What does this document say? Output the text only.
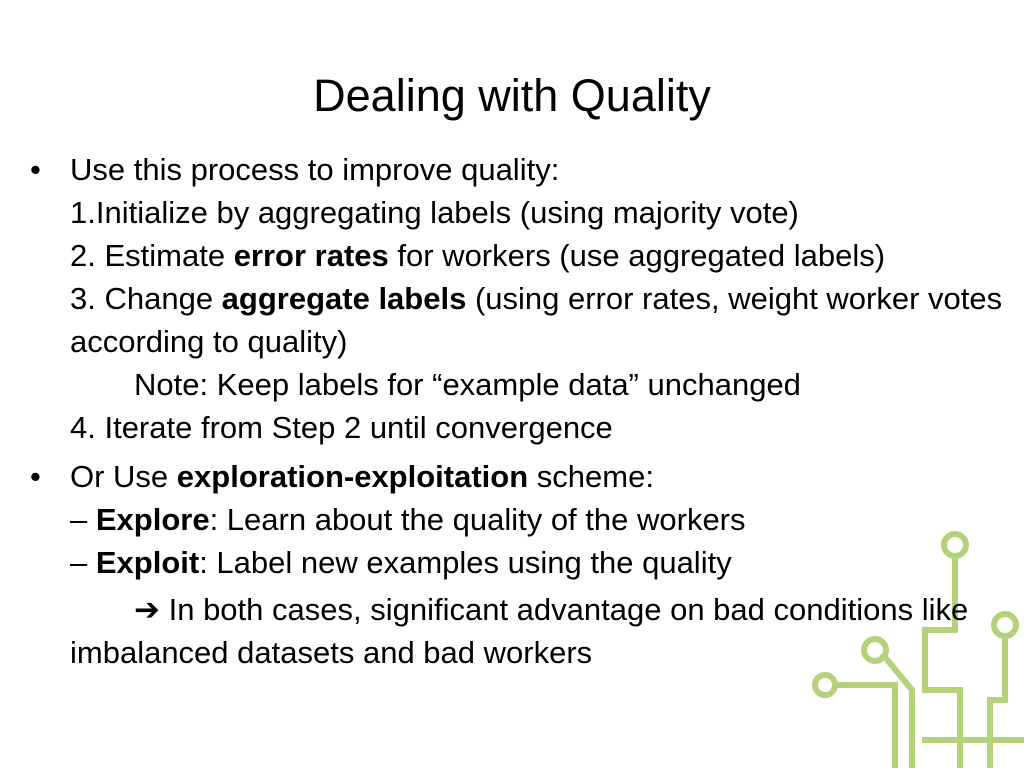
Dealing with Quality
• Use this process to improve quality:
1.Initialize by aggregating labels (using majority vote)
2. Estimate error rates for workers (use aggregated labels)
3. Change aggregate labels (using error rates, weight worker votes according to quality)
Note: Keep labels for “example data” unchanged
4. Iterate from Step 2 until convergence
• Or Use exploration-exploitation scheme:
– Explore: Learn about the quality of the workers
– Exploit: Label new examples using the quality
➔ In both cases, significant advantage on bad conditions like imbalanced datasets and bad workers
